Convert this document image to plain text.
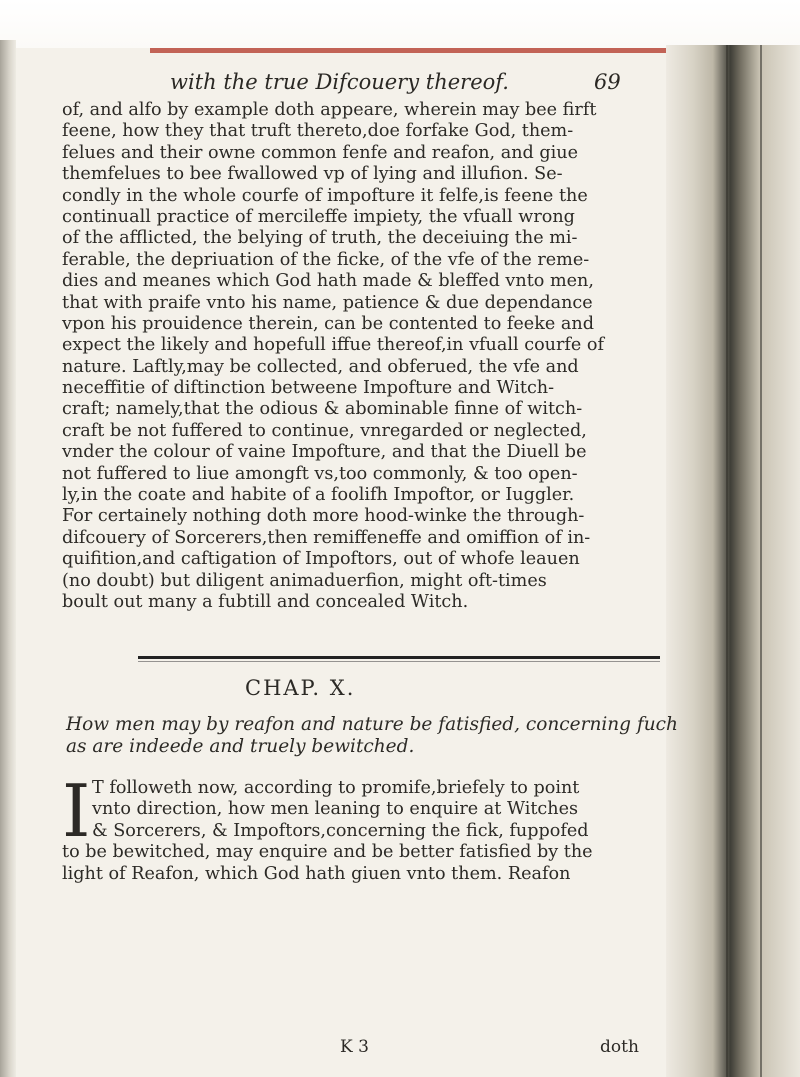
with the true Difcouery thereof.	69
of, and alfo by example doth appeare, wherein may bee firft
feene, how they that truft thereto,doe forfake God, them-
felues and their owne common fenfe and reafon, and giue
themfelues to bee fwallowed vp of lying and illufion. Se-
condly in the whole courfe of impofture it felfe,is feene the
continuall practice of mercileffe impiety, the vfuall wrong
of the afflicted, the belying of truth, the deceiuing the mi-
ferable, the depriuation of the ficke, of the vfe of the reme-
dies and meanes which God hath made & bleffed vnto men,
that with praife vnto his name, patience & due dependance
vpon his prouidence therein, can be contented to feeke and
expect the likely and hopefull iffue thereof,in vfuall courfe of
nature. Laftly,may be collected, and obferued, the vfe and
neceffitie of diftinction betweene Impofture and Witch-
craft; namely,that the odious & abominable finne of witch-
craft be not fuffered to continue, vnregarded or neglected,
vnder the colour of vaine Impofture, and that the Diuell be
not fuffered to liue amongft vs,too commonly, & too open-
ly,in the coate and habite of a foolifh Impoftor, or Iuggler.
For certainely nothing doth more hood-winke the through-
difcouery of Sorcerers,then remiffeneffe and omiffion of in-
quifition,and caftigation of Impoftors, out of whofe leauen
(no doubt) but diligent animaduerfion, might oft-times
boult out many a fubtill and concealed Witch.
CHAP. X.
How men may by reafon and nature be fatisfied, concerning fuch
as are indeede and truely bewitched.
I T followeth now, according to promife,briefely to point
vnto direction, how men leaning to enquire at Witches
& Sorcerers, & Impoftors,concerning the fick, fuppofed
to be bewitched, may enquire and be better fatisfied by the
light of Reafon, which God hath giuen vnto them. Reafon
K 3	doth
